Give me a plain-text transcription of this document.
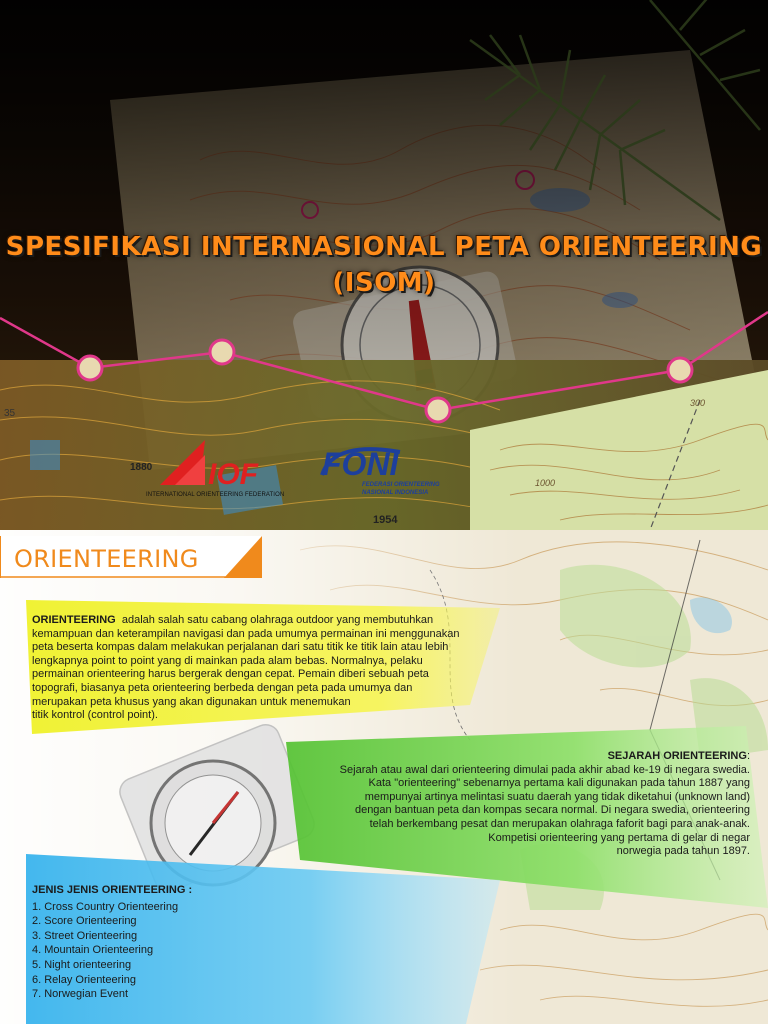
SPESIFIKASI INTERNASIONAL PETA ORIENTEERING
(ISOM)
1880
1954
35
1000
300
IOF
INTERNATIONAL ORIENTEERING FEDERATION
FONI
FEDERASI ORIENTEERING
NASIONAL INDONESIA
ORIENTEERING
ORIENTEERING adalah salah satu cabang olahraga outdoor yang membutuhkan
kemampuan dan keterampilan navigasi dan pada umumya permainan ini menggunakan
peta beserta kompas dalam melakukan perjalanan dari satu titik ke titik lain atau lebih
lengkapnya point to point yang di mainkan pada alam bebas. Normalnya, pelaku
permainan orienteering harus bergerak dengan cepat. Pemain diberi sebuah peta
topografi, biasanya peta orienteering berbeda dengan peta pada umumya dan
merupakan peta khusus yang akan digunakan untuk menemukan
titik kontrol (control point).
SEJARAH ORIENTEERING:
Sejarah atau awal dari orienteering dimulai pada akhir abad ke-19 di negara swedia.
Kata "orienteering" sebenarnya pertama kali digunakan pada tahun 1887 yang
mempunyai artinya melintasi suatu daerah yang tidak diketahui (unknown land)
dengan bantuan peta dan kompas secara normal. Di negara swedia, orienteering
telah berkembang pesat dan merupakan olahraga faforit bagi para anak-anak.
Kompetisi orienteering yang pertama di gelar di negar
norwegia pada tahun 1897.
JENIS JENIS ORIENTEERING :
1. Cross Country Orienteering
2. Score Orienteering
3. Street Orienteering
4. Mountain Orienteering
5. Night orienteering
6. Relay Orienteering
7. Norwegian Event
